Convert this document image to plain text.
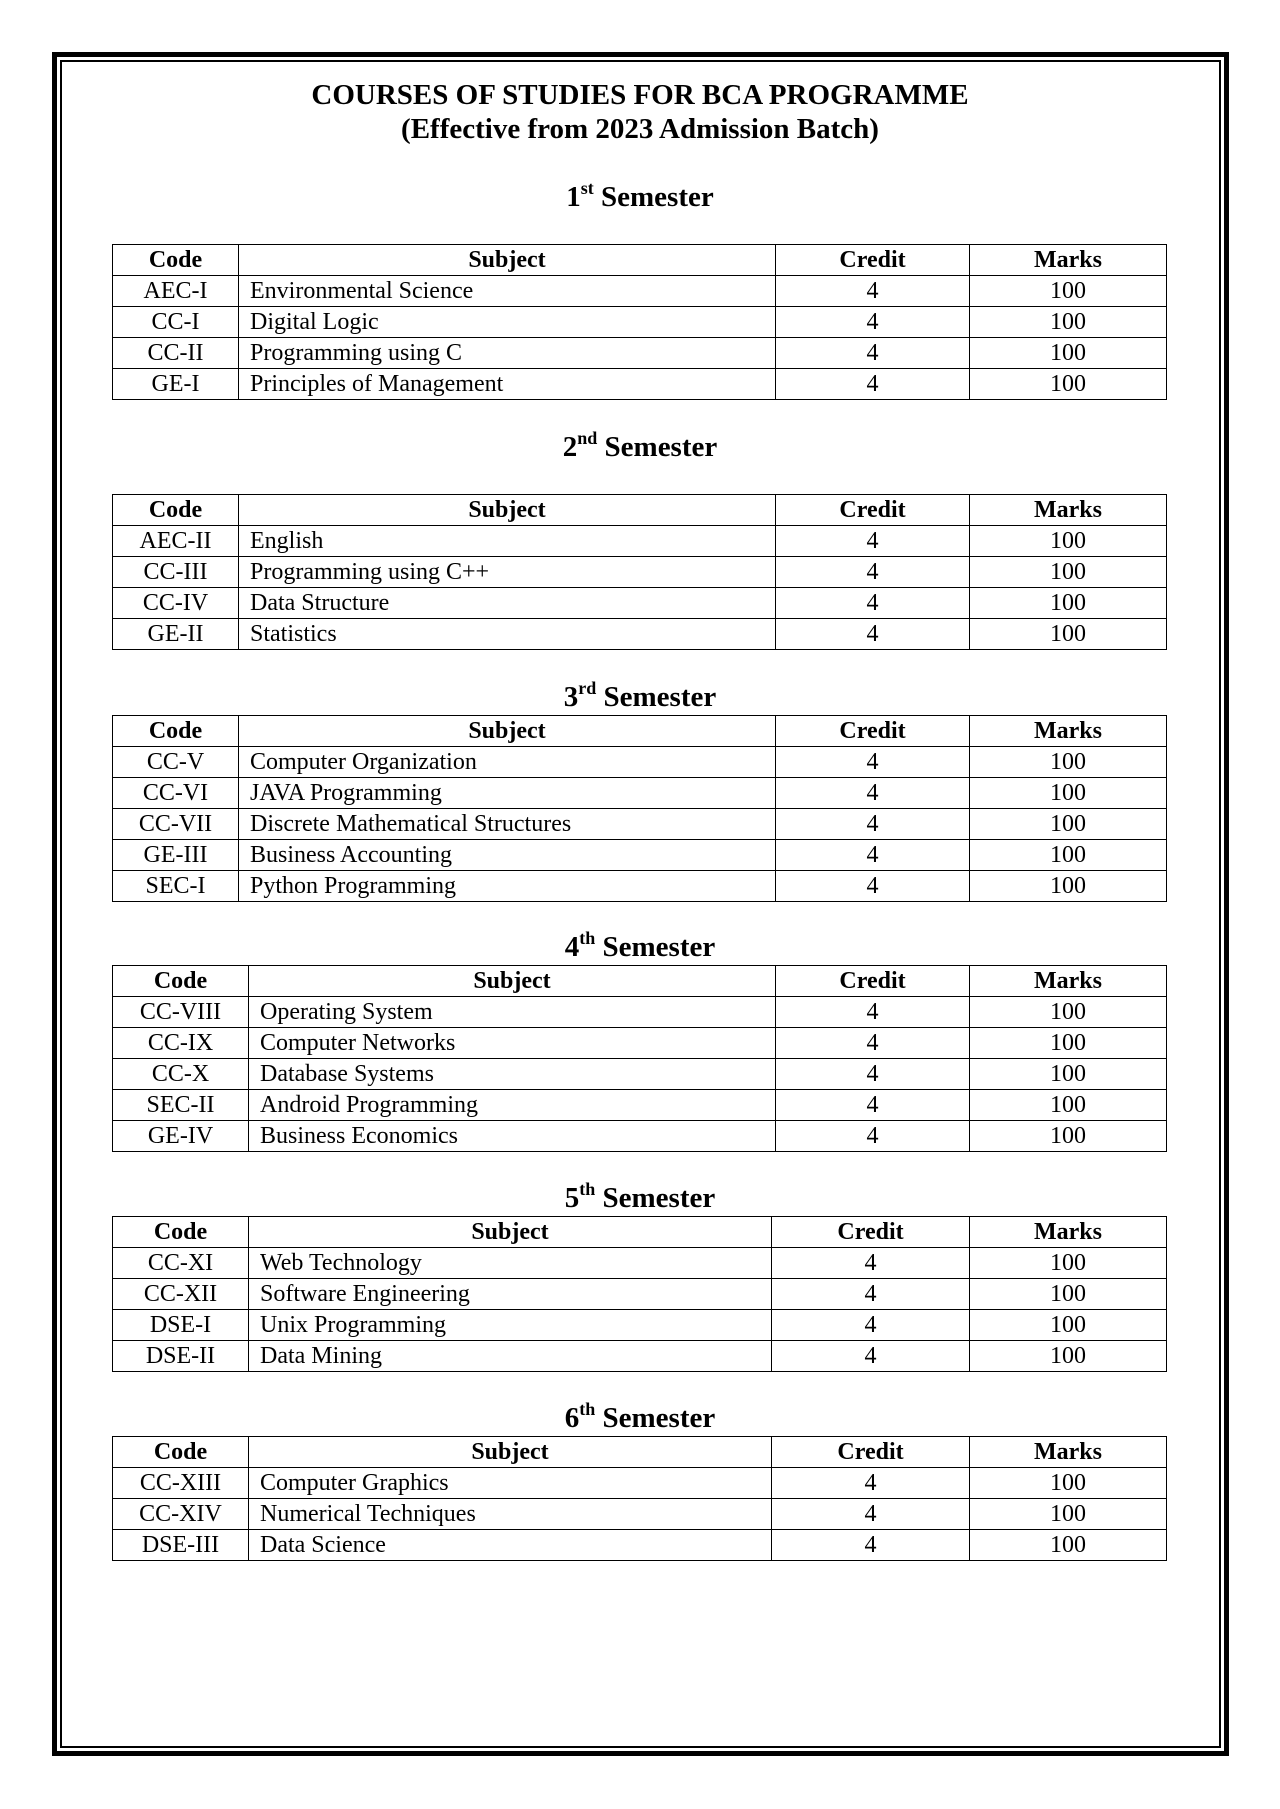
COURSES OF STUDIES FOR BCA PROGRAMME
(Effective from 2023 Admission Batch)
1st Semester
Code	Subject	Credit	Marks
AEC-I	Environmental Science	4	100
CC-I	Digital Logic	4	100
CC-II	Programming using C	4	100
GE-I	Principles of Management	4	100
2nd Semester
Code	Subject	Credit	Marks
AEC-II	English	4	100
CC-III	Programming using C++	4	100
CC-IV	Data Structure	4	100
GE-II	Statistics	4	100
3rd Semester
Code	Subject	Credit	Marks
CC-V	Computer Organization	4	100
CC-VI	JAVA Programming	4	100
CC-VII	Discrete Mathematical Structures	4	100
GE-III	Business Accounting	4	100
SEC-I	Python Programming	4	100
4th Semester
Code	Subject	Credit	Marks
CC-VIII	Operating System	4	100
CC-IX	Computer Networks	4	100
CC-X	Database Systems	4	100
SEC-II	Android Programming	4	100
GE-IV	Business Economics	4	100
5th Semester
Code	Subject	Credit	Marks
CC-XI	Web Technology	4	100
CC-XII	Software Engineering	4	100
DSE-I	Unix Programming	4	100
DSE-II	Data Mining	4	100
6th Semester
Code	Subject	Credit	Marks
CC-XIII	Computer Graphics	4	100
CC-XIV	Numerical Techniques	4	100
DSE-III	Data Science	4	100
